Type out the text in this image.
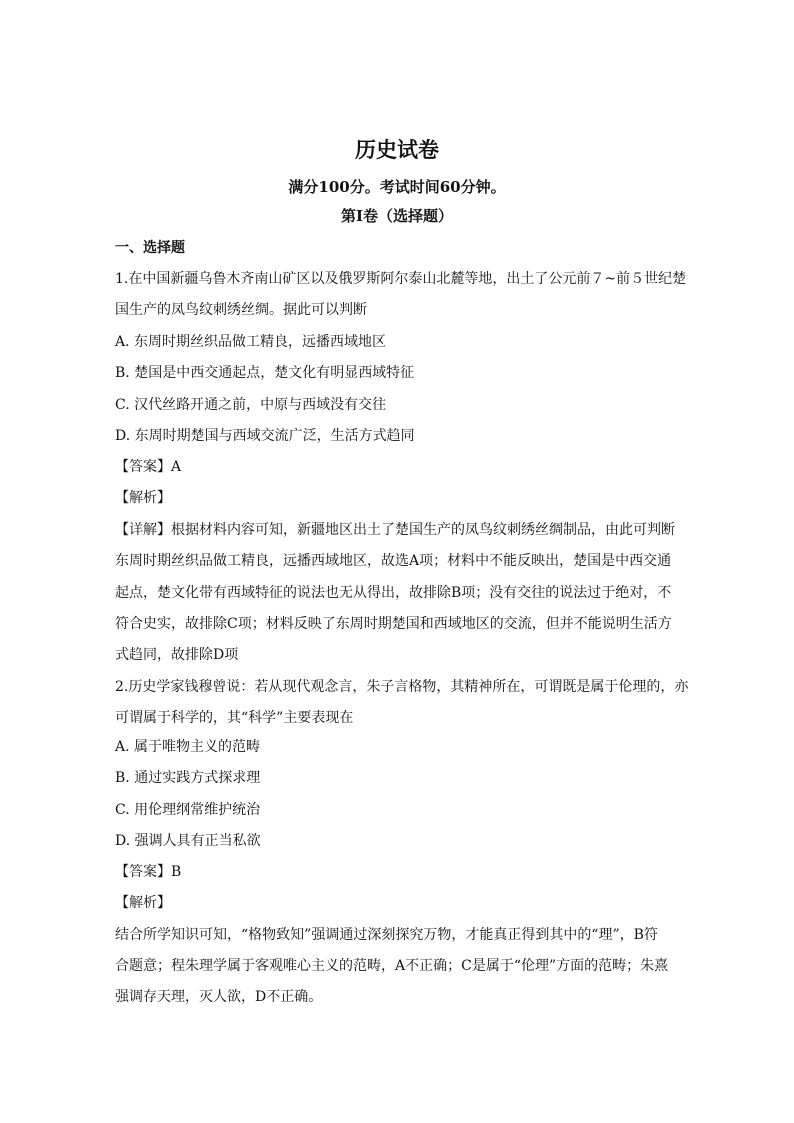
历史试卷
满分100分。考试时间60分钟。
第Ⅰ卷（选择题）
一、选择题
1.在中国新疆乌鲁木齐南山矿区以及俄罗斯阿尔泰山北麓等地，出土了公元前７~前５世纪楚
国生产的凤鸟纹刺绣丝绸。据此可以判断
A. 东周时期丝织品做工精良，远播西域地区
B. 楚国是中西交通起点，楚文化有明显西域特征
C. 汉代丝路开通之前，中原与西域没有交往
D. 东周时期楚国与西域交流广泛，生活方式趋同
【答案】A
【解析】
【详解】根据材料内容可知，新疆地区出土了楚国生产的凤鸟纹刺绣丝绸制品，由此可判断
东周时期丝织品做工精良，远播西域地区，故选A项；材料中不能反映出，楚国是中西交通
起点，楚文化带有西域特征的说法也无从得出，故排除B项；没有交往的说法过于绝对，不
符合史实，故排除C项；材料反映了东周时期楚国和西域地区的交流，但并不能说明生活方
式趋同，故排除D项
2.历史学家钱穆曾说：若从现代观念言，朱子言格物，其精神所在，可谓既是属于伦理的，亦
可谓属于科学的，其“科学”主要表现在
A. 属于唯物主义的范畴
B. 通过实践方式探求理
C. 用伦理纲常维护统治
D. 强调人具有正当私欲
【答案】B
【解析】
结合所学知识可知，“格物致知”强调通过深刻探究万物，才能真正得到其中的“理”，B符
合题意；程朱理学属于客观唯心主义的范畴，A不正确；C是属于“伦理”方面的范畴；朱熹
强调存天理，灭人欲，D不正确。
